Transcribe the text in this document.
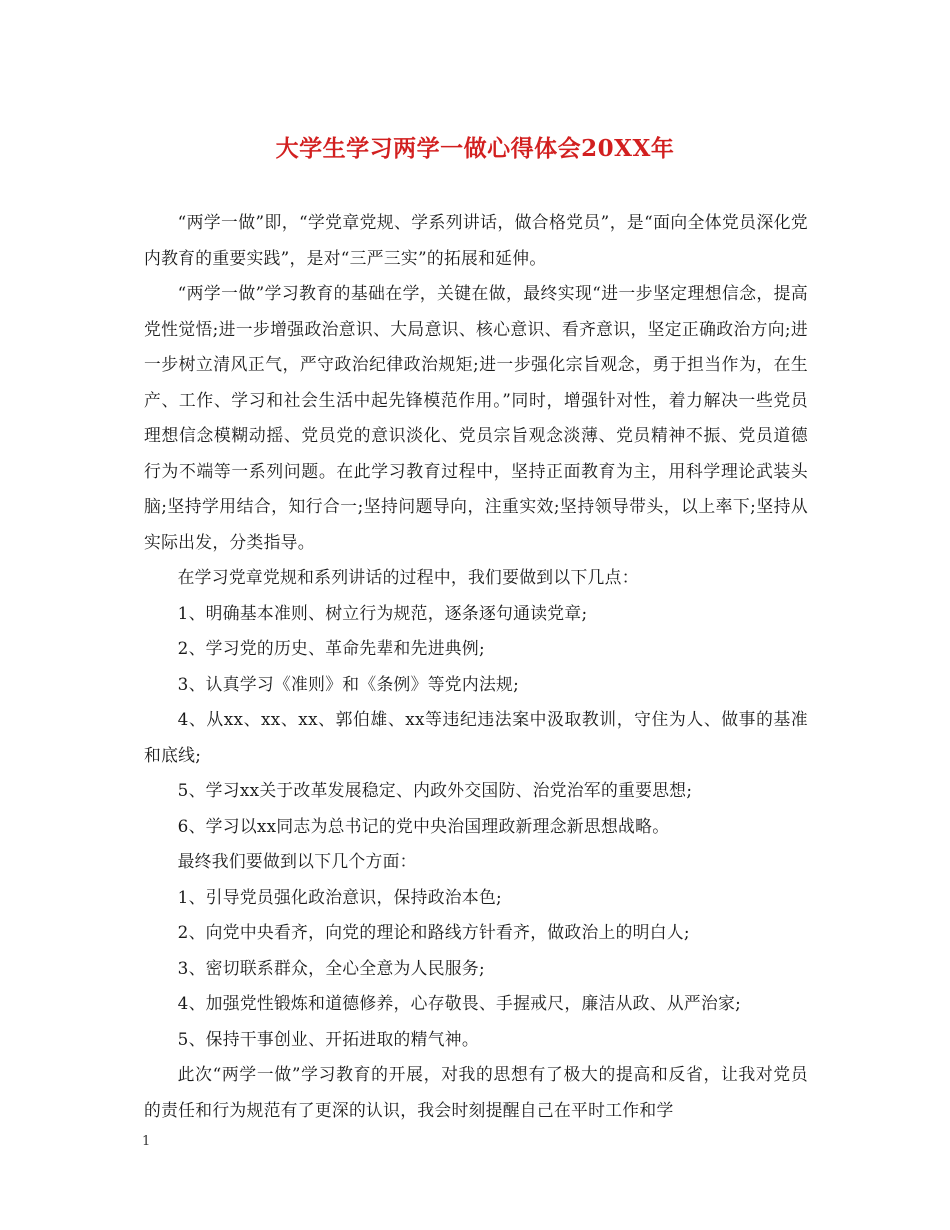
大学生学习两学一做心得体会20XX年

“两学一做”即，“学党章党规、学系列讲话，做合格党员”，是“面向全体党员深化党内教育的重要实践”，是对“三严三实”的拓展和延伸。

“两学一做”学习教育的基础在学，关键在做，最终实现“进一步坚定理想信念，提高党性觉悟;进一步增强政治意识、大局意识、核心意识、看齐意识，坚定正确政治方向;进一步树立清风正气，严守政治纪律政治规矩;进一步强化宗旨观念，勇于担当作为，在生产、工作、学习和社会生活中起先锋模范作用。”同时，增强针对性，着力解决一些党员理想信念模糊动摇、党员党的意识淡化、党员宗旨观念淡薄、党员精神不振、党员道德行为不端等一系列问题。在此学习教育过程中，坚持正面教育为主，用科学理论武装头脑;坚持学用结合，知行合一;坚持问题导向，注重实效;坚持领导带头，以上率下;坚持从实际出发，分类指导。

在学习党章党规和系列讲话的过程中，我们要做到以下几点：

1、明确基本准则、树立行为规范，逐条逐句通读党章;

2、学习党的历史、革命先辈和先进典例;

3、认真学习《准则》和《条例》等党内法规;

4、从xx、xx、xx、郭伯雄、xx等违纪违法案中汲取教训，守住为人、做事的基准和底线;

5、学习xx关于改革发展稳定、内政外交国防、治党治军的重要思想;

6、学习以xx同志为总书记的党中央治国理政新理念新思想战略。

最终我们要做到以下几个方面：

1、引导党员强化政治意识，保持政治本色;

2、向党中央看齐，向党的理论和路线方针看齐，做政治上的明白人;

3、密切联系群众，全心全意为人民服务;

4、加强党性锻炼和道德修养，心存敬畏、手握戒尺，廉洁从政、从严治家;

5、保持干事创业、开拓进取的精气神。

此次“两学一做”学习教育的开展，对我的思想有了极大的提高和反省，让我对党员的责任和行为规范有了更深的认识，我会时刻提醒自己在平时工作和学

1
